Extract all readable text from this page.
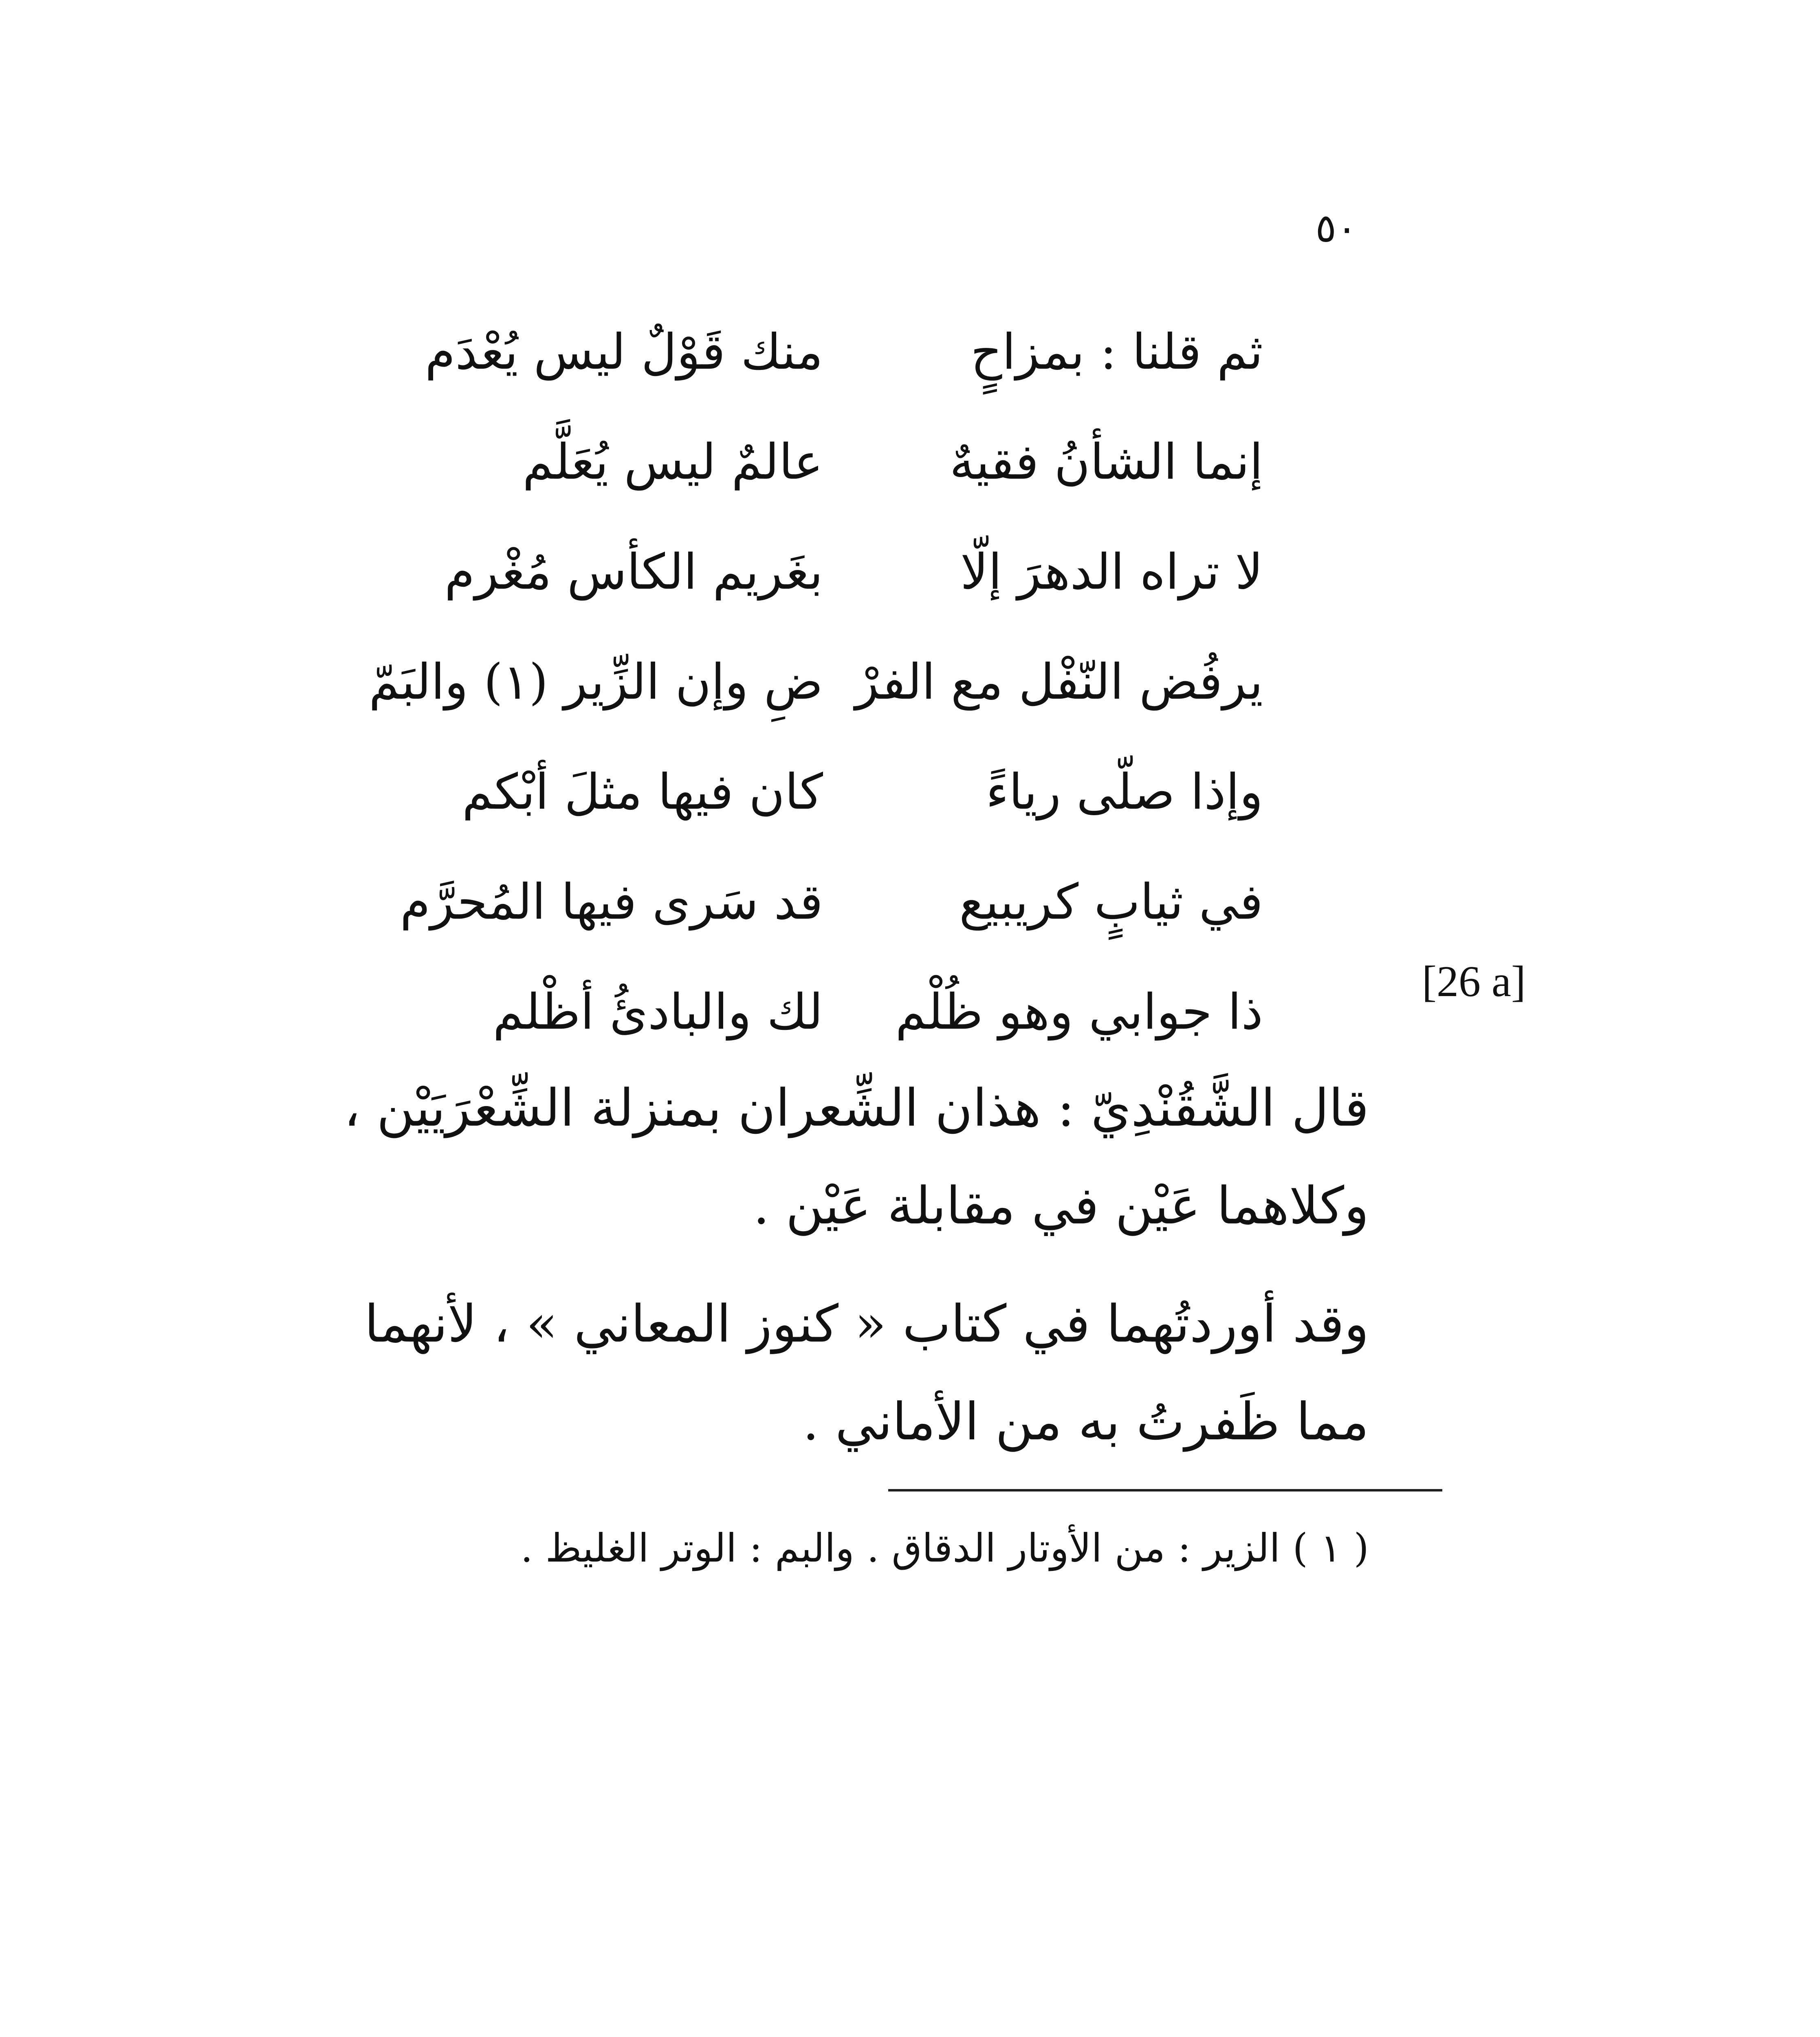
٥٠
ثم قلنا : بمزاحٍ
منك قَوْلٌ ليس يُعْدَم
إنما الشأنُ فقيهٌ
عالمٌ ليس يُعَلَّم
لا تراه الدهرَ إلّا
بغَريم الكأس مُغْرم
يرفُض النّفْل مع الفرْ
ضِ وإن الزِّير (١) والبَمّ
وإذا صلّى رياءً
كان فيها مثلَ أبْكم
في ثيابٍ كريبيع
قد سَرى فيها المُحرَّم
ذا جوابي وهو ظُلْم
لك والبادئُ أظْلم
[26 a]

قال الشَّقُنْدِيّ : هذان الشِّعران بمنزلة الشِّعْرَيَيْن ، وكلاهما عَيْن في مقابلة عَيْن .

وقد أوردتُهما في كتاب « كنوز المعاني » ، لأنهما مما ظَفرتُ به من الأماني .

( ١ ) الزير : من الأوتار الدقاق . والبم : الوتر الغليظ .
